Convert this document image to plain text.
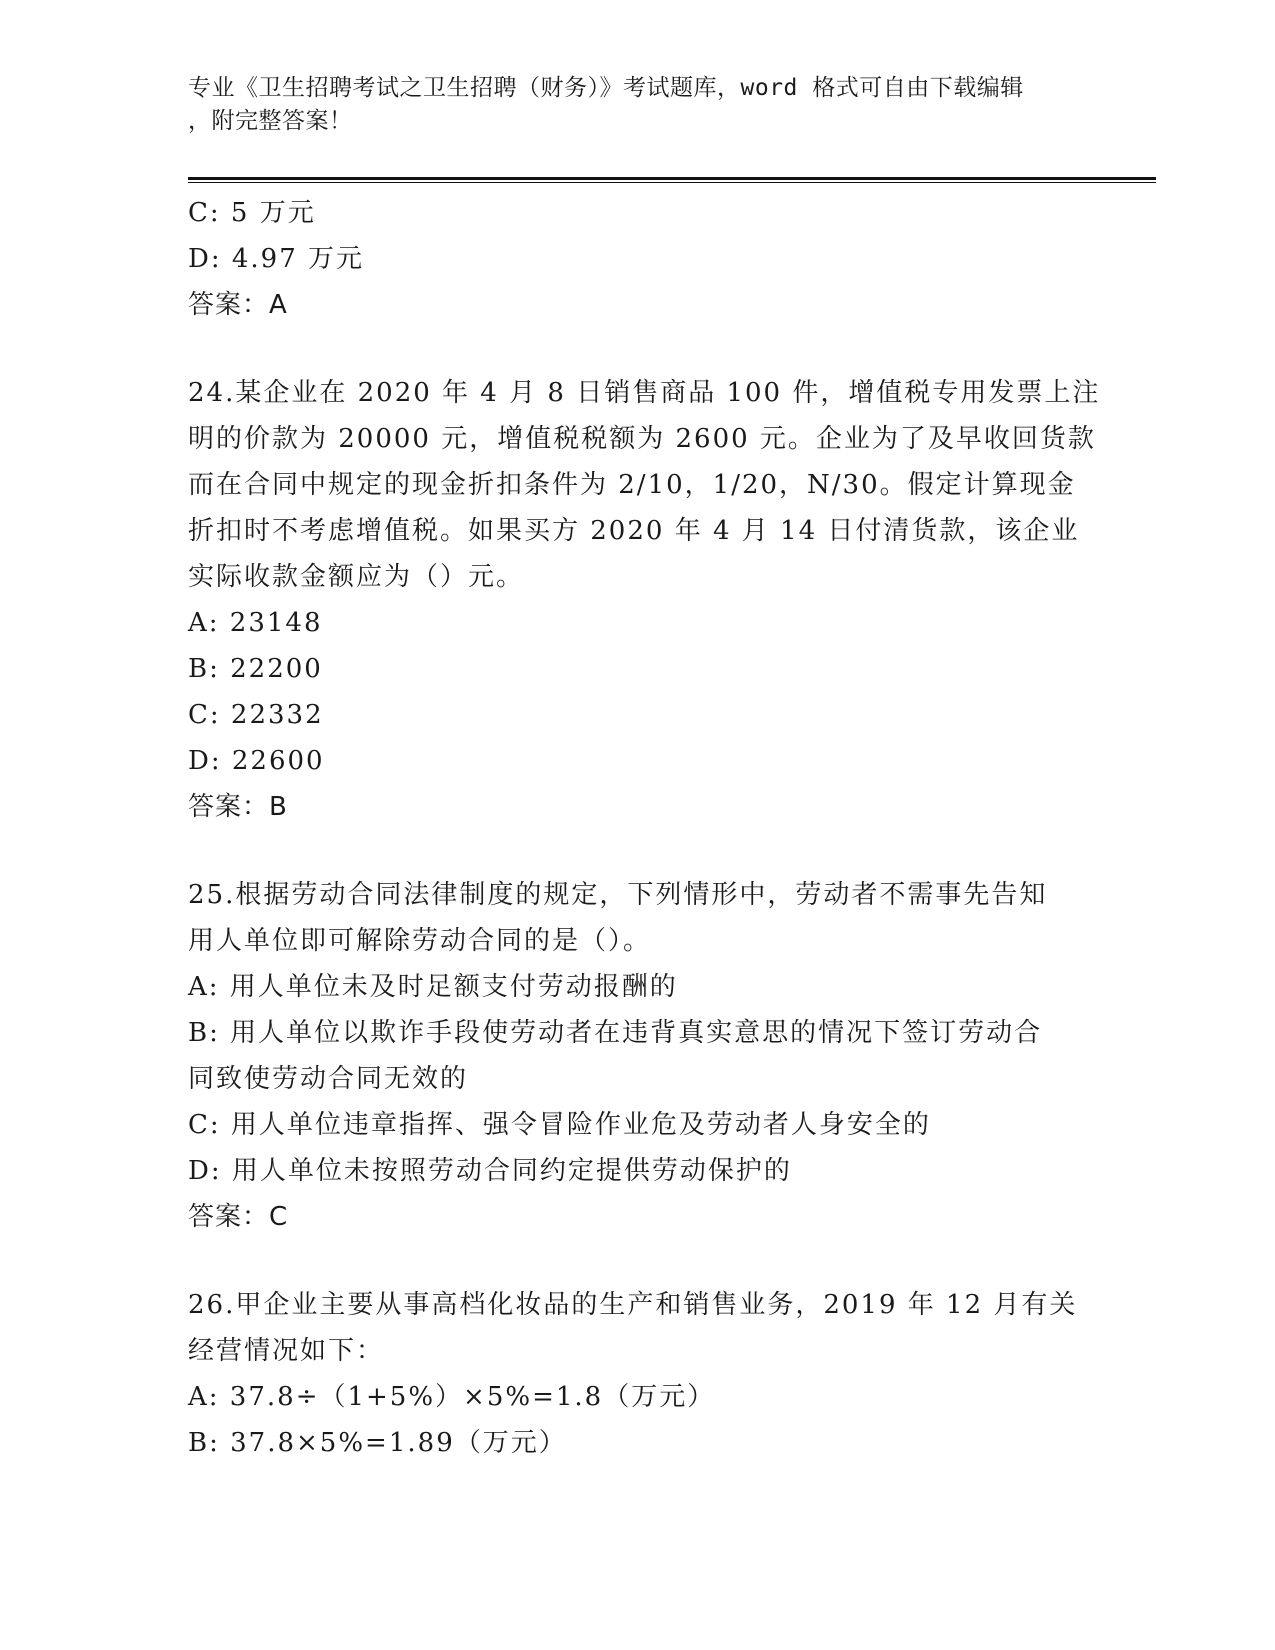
专业《卫生招聘考试之卫生招聘（财务）》考试题库，word 格式可自由下载编辑
，附完整答案！
C: 5 万元
D: 4.97 万元
答案：A
24.某企业在 2020 年 4 月 8 日销售商品 100 件，增值税专用发票上注
明的价款为 20000 元，增值税税额为 2600 元。企业为了及早收回货款
而在合同中规定的现金折扣条件为 2/10，1/20，N/30。假定计算现金
折扣时不考虑增值税。如果买方 2020 年 4 月 14 日付清货款，该企业
实际收款金额应为（）元。
A: 23148
B: 22200
C: 22332
D: 22600
答案：B
25.根据劳动合同法律制度的规定，下列情形中，劳动者不需事先告知
用人单位即可解除劳动合同的是（）。
A: 用人单位未及时足额支付劳动报酬的
B: 用人单位以欺诈手段使劳动者在违背真实意思的情况下签订劳动合
同致使劳动合同无效的
C: 用人单位违章指挥、强令冒险作业危及劳动者人身安全的
D: 用人单位未按照劳动合同约定提供劳动保护的
答案：C
26.甲企业主要从事高档化妆品的生产和销售业务，2019 年 12 月有关
经营情况如下：
A: 37.8÷（1+5%）×5%=1.8（万元）
B: 37.8×5%=1.89（万元）
